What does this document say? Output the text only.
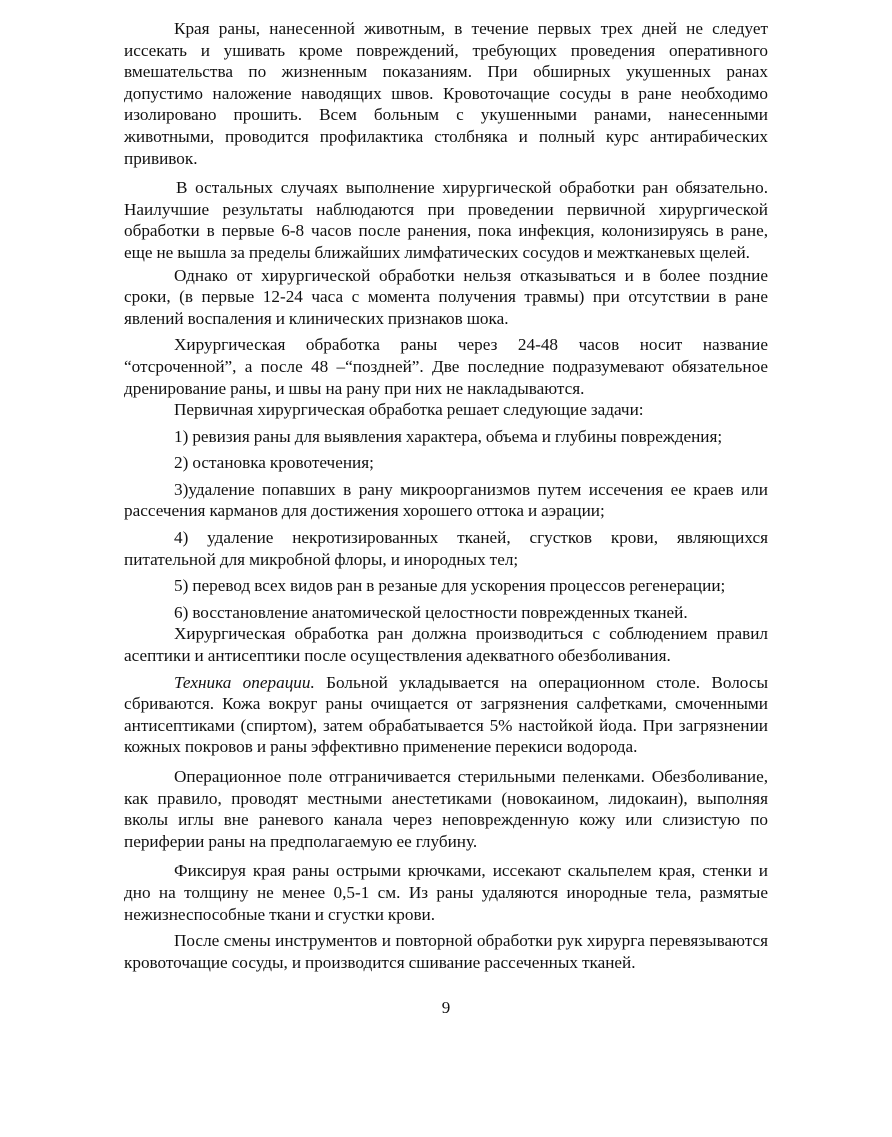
Края раны, нанесенной животным, в течение первых трех дней не следует иссекать и ушивать кроме повреждений, требующих проведения оперативного вмешательства по жизненным показаниям. При обширных укушенных ранах допустимо наложение наводящих швов. Кровоточащие сосуды в ране необходимо изолировано прошить. Всем больным с укушенными ранами, нанесенными животными, проводится профилактика столбняка и полный курс антирабических прививок.

В остальных случаях выполнение хирургической обработки ран обязательно. Наилучшие результаты наблюдаются при проведении первичной хирургической обработки в первые 6-8 часов после ранения, пока инфекция, колонизируясь в ране, еще не вышла за пределы ближайших лимфатических сосудов и межтканевых щелей.

Однако от хирургической обработки нельзя отказываться и в более поздние сроки, (в первые 12-24 часа с момента получения травмы) при отсутствии в ране явлений воспаления и клинических признаков шока.

Хирургическая обработка раны через 24-48 часов носит название “отсроченной”, а после 48 –“поздней”. Две последние подразумевают обязательное дренирование раны, и швы на рану при них не накладываются.

Первичная хирургическая обработка решает следующие задачи:

1) ревизия раны для выявления характера, объема и глубины повреждения;

2) остановка кровотечения;

3)удаление попавших в рану микроорганизмов путем иссечения ее краев или рассечения карманов для достижения хорошего оттока и аэрации;

4) удаление некротизированных тканей, сгустков крови, являющихся питательной для микробной флоры, и инородных тел;

5) перевод всех видов ран в резаные для ускорения процессов регенерации;

6) восстановление анатомической целостности поврежденных тканей.

Хирургическая обработка ран должна производиться с соблюдением правил асептики и антисептики после осуществления адекватного обезболивания.

Техника операции. Больной укладывается на операционном столе. Волосы сбриваются. Кожа вокруг раны очищается от загрязнения салфетками, смоченными антисептиками (спиртом), затем обрабатывается 5% настойкой йода. При загрязнении кожных покровов и раны эффективно применение перекиси водорода.

Операционное поле отграничивается стерильными пеленками. Обезболивание, как правило, проводят местными анестетиками (новокаином, лидокаин), выполняя вколы иглы вне раневого канала через неповрежденную кожу или слизистую по периферии раны на предполагаемую ее глубину.

Фиксируя края раны острыми крючками, иссекают скальпелем края, стенки и дно на толщину не менее 0,5-1 см. Из раны удаляются инородные тела, размятые нежизнеспособные ткани и сгустки крови.

После смены инструментов и повторной обработки рук хирурга перевязываются кровоточащие сосуды, и производится сшивание рассеченных тканей.

9
